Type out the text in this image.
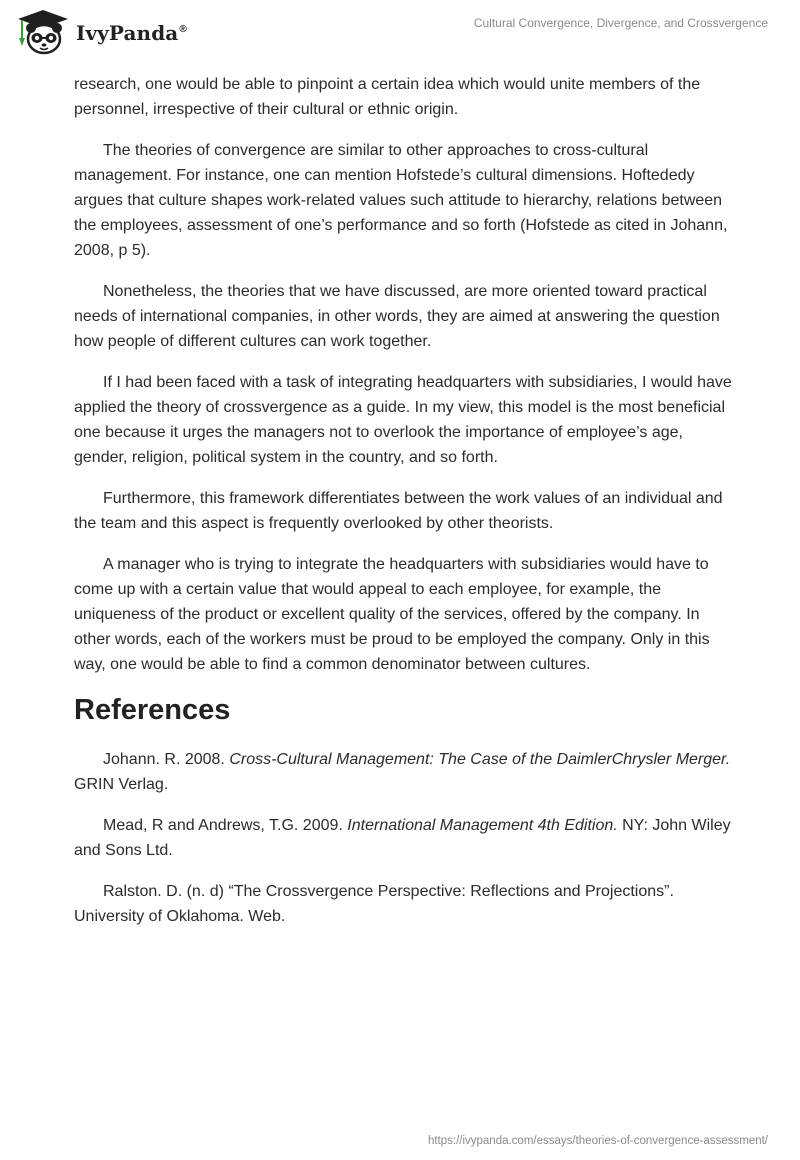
IvyPanda®	Cultural Convergence, Divergence, and Crossvergence

research, one would be able to pinpoint a certain idea which would unite members of the personnel, irrespective of their cultural or ethnic origin.

The theories of convergence are similar to other approaches to cross-cultural management. For instance, one can mention Hofstede’s cultural dimensions. Hoftededy argues that culture shapes work-related values such attitude to hierarchy, relations between the employees, assessment of one’s performance and so forth (Hofstede as cited in Johann, 2008, p 5).

Nonetheless, the theories that we have discussed, are more oriented toward practical needs of international companies, in other words, they are aimed at answering the question how people of different cultures can work together.

If I had been faced with a task of integrating headquarters with subsidiaries, I would have applied the theory of crossvergence as a guide. In my view, this model is the most beneficial one because it urges the managers not to overlook the importance of employee’s age, gender, religion, political system in the country, and so forth.

Furthermore, this framework differentiates between the work values of an individual and the team and this aspect is frequently overlooked by other theorists.

A manager who is trying to integrate the headquarters with subsidiaries would have to come up with a certain value that would appeal to each employee, for example, the uniqueness of the product or excellent quality of the services, offered by the company. In other words, each of the workers must be proud to be employed the company. Only in this way, one would be able to find a common denominator between cultures.

References

Johann. R. 2008. Cross-Cultural Management: The Case of the DaimlerChrysler Merger. GRIN Verlag.

Mead, R and Andrews, T.G. 2009. International Management 4th Edition. NY: John Wiley and Sons Ltd.

Ralston. D. (n. d) “The Crossvergence Perspective: Reflections and Projections”. University of Oklahoma. Web.

https://ivypanda.com/essays/theories-of-convergence-assessment/
